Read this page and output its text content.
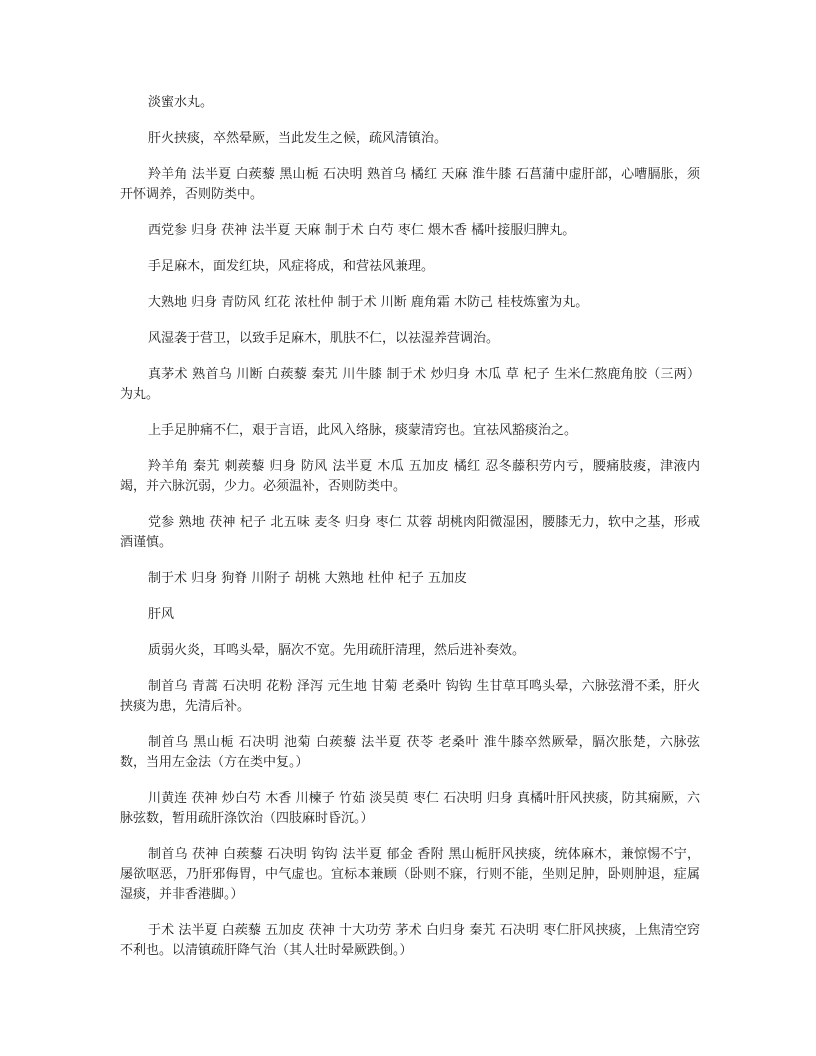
淡蜜水丸。

肝火挟痰，卒然晕厥，当此发生之候，疏风清镇治。

羚羊角 法半夏 白蒺藜 黑山栀 石决明 熟首乌 橘红 天麻 淮牛膝 石菖蒲中虚肝部，心嘈膈胀，须开怀调养，否则防类中。

西党参 归身 茯神 法半夏 天麻 制于术 白芍 枣仁 煨木香 橘叶接服归脾丸。

手足麻木，面发红块，风症将成，和营祛风兼理。

大熟地 归身 青防风 红花 浓杜仲 制于术 川断 鹿角霜 木防己 桂枝炼蜜为丸。

风湿袭于营卫，以致手足麻木，肌肤不仁，以祛湿养营调治。

真茅术 熟首乌 川断 白蒺藜 秦艽 川牛膝 制于术 炒归身 木瓜 草 杞子 生米仁熬鹿角胶（三两）为丸。

上手足肿痛不仁，艰于言语，此风入络脉，痰蒙清窍也。宜祛风豁痰治之。

羚羊角 秦艽 刺蒺藜 归身 防风 法半夏 木瓜 五加皮 橘红 忍冬藤积劳内亏，腰痛肢痠，津液内竭，并六脉沉弱，少力。必须温补，否则防类中。

党参 熟地 茯神 杞子 北五味 麦冬 归身 枣仁 苁蓉 胡桃肉阳微湿困，腰膝无力，软中之基，形戒酒谨慎。

制于术 归身 狗脊 川附子 胡桃 大熟地 杜仲 杞子 五加皮

肝风

质弱火炎，耳鸣头晕，膈次不宽。先用疏肝清理，然后进补奏效。

制首乌 青蒿 石决明 花粉 泽泻 元生地 甘菊 老桑叶 钩钩 生甘草耳鸣头晕，六脉弦滑不柔，肝火挟痰为患，先清后补。

制首乌 黑山栀 石决明 池菊 白蒺藜 法半夏 茯苓 老桑叶 淮牛膝卒然厥晕，膈次胀楚，六脉弦数，当用左金法（方在类中复。）

川黄连 茯神 炒白芍 木香 川楝子 竹茹 淡吴萸 枣仁 石决明 归身 真橘叶肝风挟痰，防其痫厥，六脉弦数，暂用疏肝涤饮治（四肢麻时昏沉。）

制首乌 茯神 白蒺藜 石决明 钩钩 法半夏 郁金 香附 黑山栀肝风挟痰，统体麻木，兼惊惕不宁，屡欲呕恶，乃肝邪侮胃，中气虚也。宜标本兼顾（卧则不寐，行则不能，坐则足肿，卧则肿退，症属湿痰，并非香港脚。）

于术 法半夏 白蒺藜 五加皮 茯神 十大功劳 茅术 白归身 秦艽 石决明 枣仁肝风挟痰，上焦清空窍不利也。以清镇疏肝降气治（其人壮时晕厥跌倒。）
